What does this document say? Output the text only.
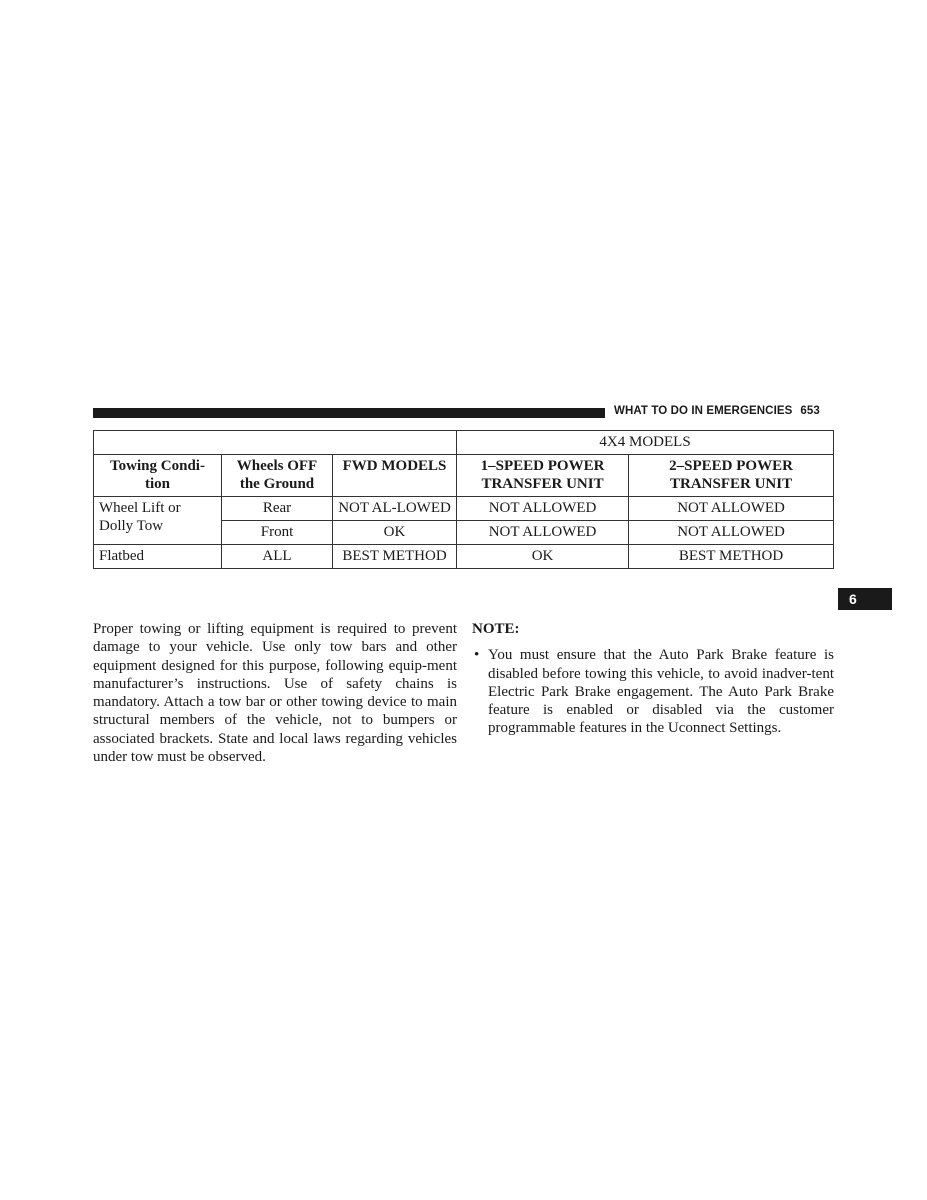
WHAT TO DO IN EMERGENCIES 653
			4X4 MODELS	
Towing Condi-tion	Wheels OFF the Ground	FWD MODELS	1–SPEED POWER TRANSFER UNIT	2–SPEED POWER TRANSFER UNIT
Wheel Lift or Dolly Tow	Rear	NOT AL-LOWED	NOT ALLOWED	NOT ALLOWED
	Front	OK	NOT ALLOWED	NOT ALLOWED
Flatbed	ALL	BEST METHOD	OK	BEST METHOD
6

Proper towing or lifting equipment is required to prevent damage to your vehicle. Use only tow bars and other equipment designed for this purpose, following equip-ment manufacturer’s instructions. Use of safety chains is mandatory. Attach a tow bar or other towing device to main structural members of the vehicle, not to bumpers or associated brackets. State and local laws regarding vehicles under tow must be observed.

NOTE:

• You must ensure that the Auto Park Brake feature is disabled before towing this vehicle, to avoid inadver-tent Electric Park Brake engagement. The Auto Park Brake feature is enabled or disabled via the customer programmable features in the Uconnect Settings.
